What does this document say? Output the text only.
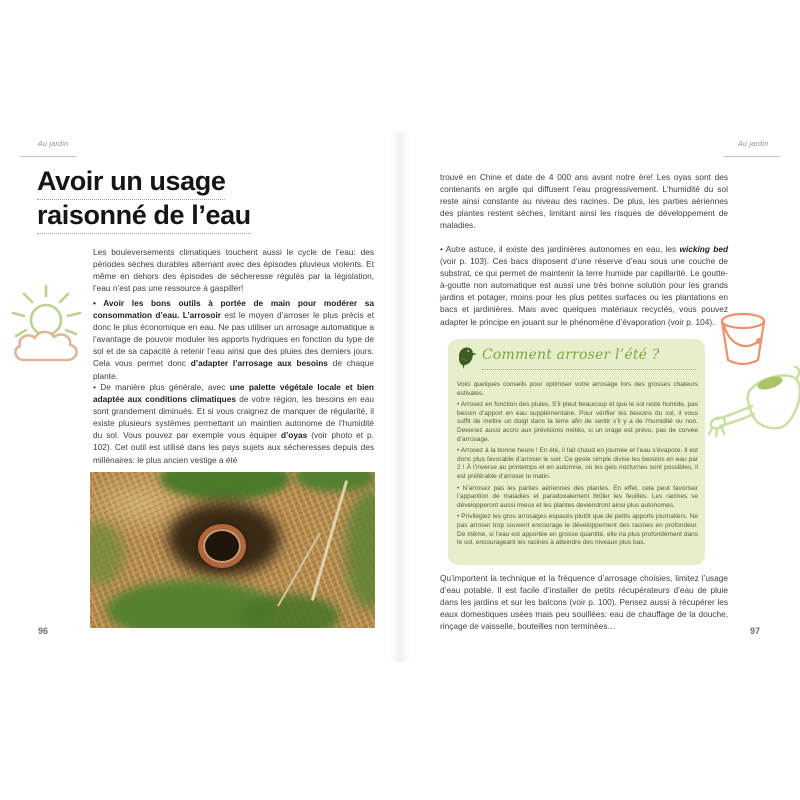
Au jardin
Avoir un usage
raisonné de l’eau
Les bouleversements climatiques touchent aussi le cycle de l’eau: des périodes sèches durables alternant avec des épisodes pluvieux violents. Et même en dehors des épisodes de sécheresse régulés par la législation, l’eau n’est pas une ressource à gaspiller!
• Avoir les bons outils à portée de main pour modérer sa consommation d’eau. L’arrosoir est le moyen d’arroser le plus précis et donc le plus économique en eau. Ne pas utiliser un arrosage automatique a l’avantage de pouvoir moduler les apports hydriques en fonction du type de sol et de sa capacité à retenir l’eau ainsi que des pluies des derniers jours. Cela vous permet donc d’adapter l’arrosage aux besoins de chaque plante.
• De manière plus générale, avec une palette végétale locale et bien adaptée aux conditions climatiques de votre région, les besoins en eau sont grandement diminués. Et si vous craignez de manquer de régularité, il existe plusieurs systèmes permettant un maintien autonome de l’humidité du sol. Vous pouvez par exemple vous équiper d’oyas (voir photo et p. 102). Cet outil est utilisé dans les pays sujets aux sécheresses depuis des millénaires: le plus ancien vestige a été
96
Au jardin
trouvé en Chine et date de 4 000 ans avant notre ère! Les oyas sont des contenants en argile qui diffusent l’eau progressivement. L’humidité du sol reste ainsi constante au niveau des racines. De plus, les parties aériennes des plantes restent sèches, limitant ainsi les risques de développement de maladies.
• Autre astuce, il existe des jardinières autonomes en eau, les wicking bed (voir p. 103). Ces bacs disposent d’une réserve d’eau sous une couche de substrat, ce qui permet de maintenir la terre humide par capillarité. Le goutte-à-goutte non automatique est aussi une très bonne solution pour les grands jardins et potager, moins pour les plus petites surfaces ou les plantations en bacs et jardinières. Mais avec quelques matériaux recyclés, vous pouvez adapter le principe en jouant sur le phénomène d’évaporation (voir p. 104).
Comment arroser l’été ?
Voici quelques conseils pour optimiser votre arrosage lors des grosses chaleurs estivales.
• Arrosez en fonction des pluies. S’il pleut beaucoup et que le sol reste humide, pas besoin d’apport en eau supplémentaire. Pour vérifier les besoins du sol, il vous suffit de mettre un doigt dans la terre afin de sentir s’il y a de l’humidité ou non. Devenez aussi accro aux prévisions météo, si un orage est prévu, pas de corvée d’arrosage.
• Arrosez à la bonne heure ! En été, il fait chaud en journée et l’eau s’évapore. Il est donc plus favorable d’arroser le soir. Ce geste simple divise les besoins en eau par 2 ! À l’inverse au printemps et en automne, où les gels nocturnes sont possibles, il est préférable d’arroser le matin.
• N’arrosez pas les parties aériennes des plantes. En effet, cela peut favoriser l’apparition de maladies et paradoxalement brûler les feuilles. Les racines se développeront aussi mieux et les plantes deviendront ainsi plus autonomes.
• Privilégiez les gros arrosages espacés plutôt que de petits apports journaliers. Ne pas arroser trop souvent encourage le développement des racines en profondeur. De même, si l’eau est apportée en grosse quantité, elle ira plus profondément dans le sol, encourageant les racines à atteindre des niveaux plus bas.
Qu’importent la technique et la fréquence d’arrosage choisies, limitez l’usage d’eau potable. Il est facile d’installer de petits récupérateurs d’eau de pluie dans les jardins et sur les balcons (voir p. 100). Pensez aussi à récupérer les eaux domestiques usées mais peu souillées: eau de chauffage de la douche, rinçage de vaisselle, bouteilles non terminées…	97
